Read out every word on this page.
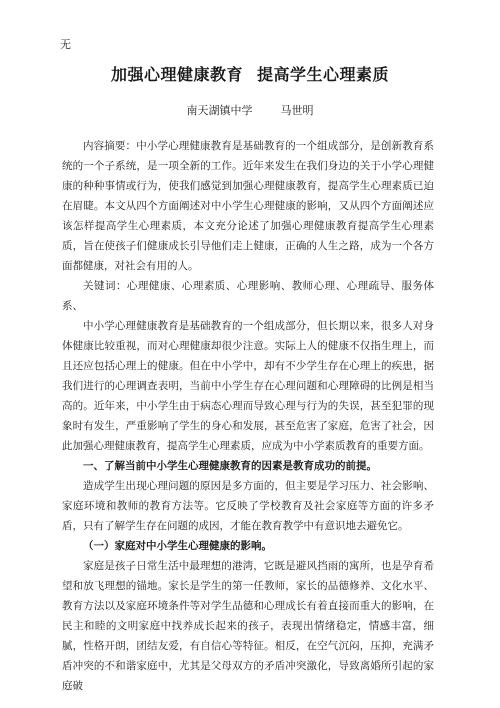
无
加强心理健康教育 提高学生心理素质
南天湖镇中学	马世明

内容摘要：中小学心理健康教育是基础教育的一个组成部分，是创新教育系统的一个子系统，是一项全新的工作。近年来发生在我们身边的关于小学心理健康的种种事情或行为，使我们感觉到加强心理健康教育，提高学生心理素质已迫在眉睫。本文从四个方面阐述对中小学生心理健康的影响，又从四个方面阐述应该怎样提高学生心理素质，本文充分论述了加强心理健康教育提高学生心理素质，旨在使孩子们健康成长引导他们走上健康，正确的人生之路，成为一个各方面都健康，对社会有用的人。

关键词：心理健康、心理素质、心理影响、教师心理、心理疏导、服务体系、

中小学心理健康教育是基础教育的一个组成部分，但长期以来，很多人对身体健康比较重视，而对心理健康却很少注意。实际上人的健康不仅指生理上，而且还应包括心理上的健康。但在中小学中，却有不少学生存在心理上的疾患，据我们进行的心理调查表明，当前中小学生存在心理问题和心理障碍的比例是相当高的。近年来，中小学生由于病态心理而导致心理与行为的失误，甚至犯罪的现象时有发生，严重影响了学生的身心和发展，甚至危害了家庭，危害了社会，因此加强心理健康教育，提高学生心理素质，应成为中小学素质教育的重要方面。

一、了解当前中小学生心理健康教育的因素是教育成功的前提。

造成学生出现心理问题的原因是多方面的，但主要是学习压力、社会影响、家庭环境和教师的教育方法等。它反映了学校教育及社会家庭等方面的许多矛盾，只有了解学生存在问题的成因，才能在教育教学中有意识地去避免它。

（一）家庭对中小学生心理健康的影响。

家庭是孩子日常生活中最理想的港湾，它既是避风挡雨的寓所，也是孕育希望和放飞理想的锚地。家长是学生的第一任教师，家长的品德修养、文化水平、教育方法以及家庭环境条件等对学生品德和心理成长有着直接而重大的影响，在民主和睦的文明家庭中找养成长起来的孩子，表现出情绪稳定，情感丰富，细腻，性格开朗，团结友爱，有自信心等特征。相反，在空气沉闷，压抑，充满矛盾冲突的不和谐家庭中，尤其是父母双方的矛盾冲突激化，导致离婚所引起的家庭破
